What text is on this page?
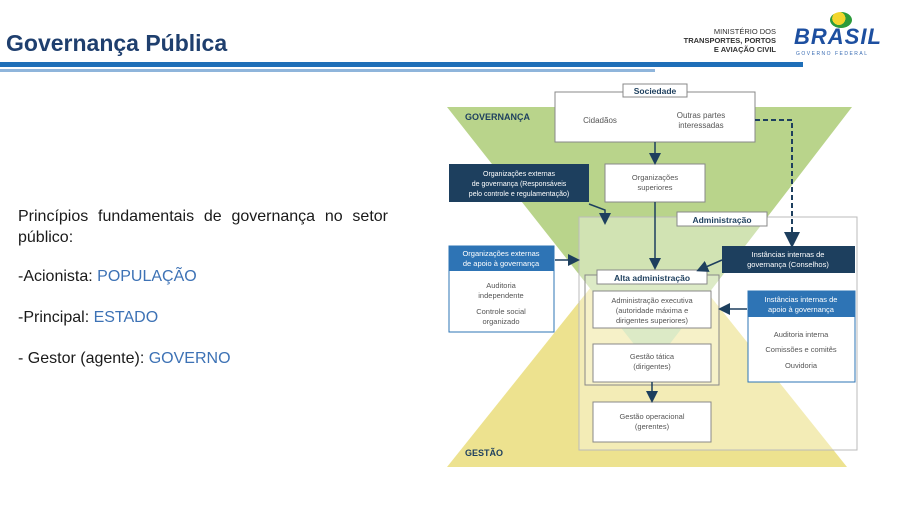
Governança Pública	MINISTÉRIO DOS
TRANSPORTES, PORTOS
E AVIAÇÃO CIVIL
BRASIL
GOVERNO FEDERAL

Princípios fundamentais de governança no setor público:

-Acionista: POPULAÇÃO

-Principal: ESTADO

- Gestor (agente): GOVERNO

Sociedade
Cidadãos
Outras partes
interessadas
GOVERNANÇA
Organizações externas
de governança (Responsáveis
pelo controle e regulamentação)
Organizações
superiores
Administração
Instâncias internas de
governança (Conselhos)
Organizações externas
de apoio à governança
Auditoria
independente
Controle social
organizado
Alta administração
Administração executiva
(autoridade máxima e
dirigentes superiores)
Gestão tática
(dirigentes)
Gestão operacional
(gerentes)
Instâncias internas de
apoio à governança
Auditoria interna
Comissões e comitês
Ouvidoria
GESTÃO
